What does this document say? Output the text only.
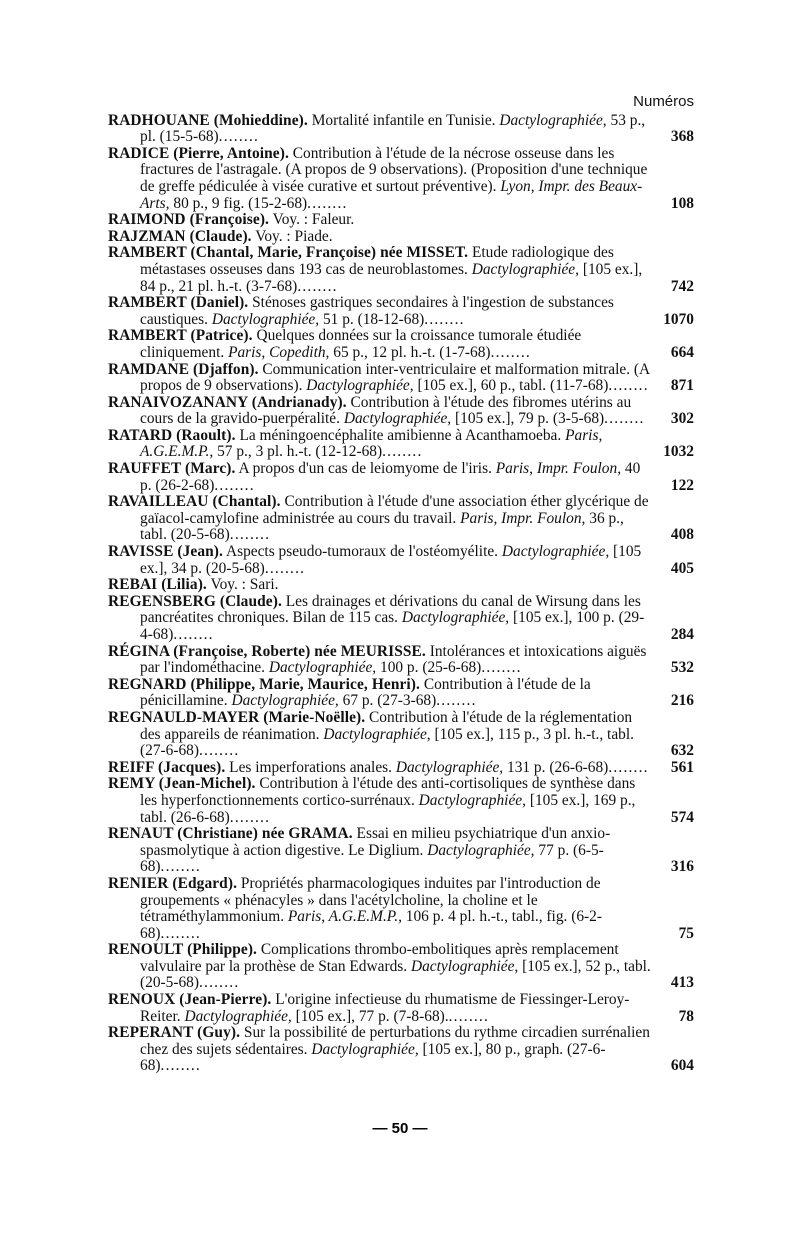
Numéros
RADHOUANE (Mohieddine). Mortalité infantile en Tunisie. Dactylographiée, 53 p., pl. (15-5-68)........	368
RADICE (Pierre, Antoine). Contribution à l'étude de la nécrose osseuse dans les fractures de l'astragale. (A propos de 9 observations). (Proposition d'une technique de greffe pédiculée à visée curative et surtout préventive). Lyon, Impr. des Beaux-Arts, 80 p., 9 fig. (15-2-68)........	108
RAIMOND (Françoise). Voy. : Faleur.
RAJZMAN (Claude). Voy. : Piade.
RAMBERT (Chantal, Marie, Françoise) née MISSET. Etude radiologique des métastases osseuses dans 193 cas de neuroblastomes. Dactylographiée, [105 ex.], 84 p., 21 pl. h.-t. (3-7-68)........	742
RAMBERT (Daniel). Sténoses gastriques secondaires à l'ingestion de substances caustiques. Dactylographiée, 51 p. (18-12-68)........	1070
RAMBERT (Patrice). Quelques données sur la croissance tumorale étudiée cliniquement. Paris, Copedith, 65 p., 12 pl. h.-t. (1-7-68)........	664
RAMDANE (Djaffon). Communication inter-ventriculaire et malformation mitrale. (A propos de 9 observations). Dactylographiée, [105 ex.], 60 p., tabl. (11-7-68)........ 871
RANAIVOZANANY (Andrianady). Contribution à l'étude des fibromes utérins au cours de la gravido-puerpéralité. Dactylographiée, [105 ex.], 79 p. (3-5-68)........ 302
RATARD (Raoult). La méningoencéphalite amibienne à Acanthamoeba. Paris, A.G.E.M.P., 57 p., 3 pl. h.-t. (12-12-68)........	1032
RAUFFET (Marc). A propos d'un cas de leiomyome de l'iris. Paris, Impr. Foulon, 40 p. (26-2-68)........	122
RAVAILLEAU (Chantal). Contribution à l'étude d'une association éther glycérique de gaïacol-camylofine administrée au cours du travail. Paris, Impr. Foulon, 36 p., tabl. (20-5-68)........	408
RAVISSE (Jean). Aspects pseudo-tumoraux de l'ostéomyélite. Dactylographiée, [105 ex.], 34 p. (20-5-68)........	405
REBAI (Lilia). Voy. : Sari.
REGENSBERG (Claude). Les drainages et dérivations du canal de Wirsung dans les pancréatites chroniques. Bilan de 115 cas. Dactylographiée, [105 ex.], 100 p. (29-4-68)........	284
RÉGINA (Françoise, Roberte) née MEURISSE. Intolérances et intoxications aiguës par l'indométhacine. Dactylographiée, 100 p. (25-6-68)........	532
REGNARD (Philippe, Marie, Maurice, Henri). Contribution à l'étude de la pénicillamine. Dactylographiée, 67 p. (27-3-68)........	216
REGNAULD-MAYER (Marie-Noëlle). Contribution à l'étude de la réglementation des appareils de réanimation. Dactylographiée, [105 ex.], 115 p., 3 pl. h.-t., tabl. (27-6-68)........	632
REIFF (Jacques). Les imperforations anales. Dactylographiée, 131 p. (26-6-68)........ 561
REMY (Jean-Michel). Contribution à l'étude des anti-cortisoliques de synthèse dans les hyperfonctionnements cortico-surrénaux. Dactylographiée, [105 ex.], 169 p., tabl. (26-6-68)........	574
RENAUT (Christiane) née GRAMA. Essai en milieu psychiatrique d'un anxio-spasmolytique à action digestive. Le Diglium. Dactylographiée, 77 p. (6-5-68)........	316
RENIER (Edgard). Propriétés pharmacologiques induites par l'introduction de groupements « phénacyles » dans l'acétylcholine, la choline et le tétraméthylammonium. Paris, A.G.E.M.P., 106 p. 4 pl. h.-t., tabl., fig. (6-2-68)........	75
RENOULT (Philippe). Complications thrombo-embolitiques après remplacement valvulaire par la prothèse de Stan Edwards. Dactylographiée, [105 ex.], 52 p., tabl. (20-5-68)........	413
RENOUX (Jean-Pierre). L'origine infectieuse du rhumatisme de Fiessinger-Leroy-Reiter. Dactylographiée, [105 ex.], 77 p. (7-8-68).........	78
REPERANT (Guy). Sur la possibilité de perturbations du rythme circadien surrénalien chez des sujets sédentaires. Dactylographiée, [105 ex.], 80 p., graph. (27-6-68)........	604
— 50 —
